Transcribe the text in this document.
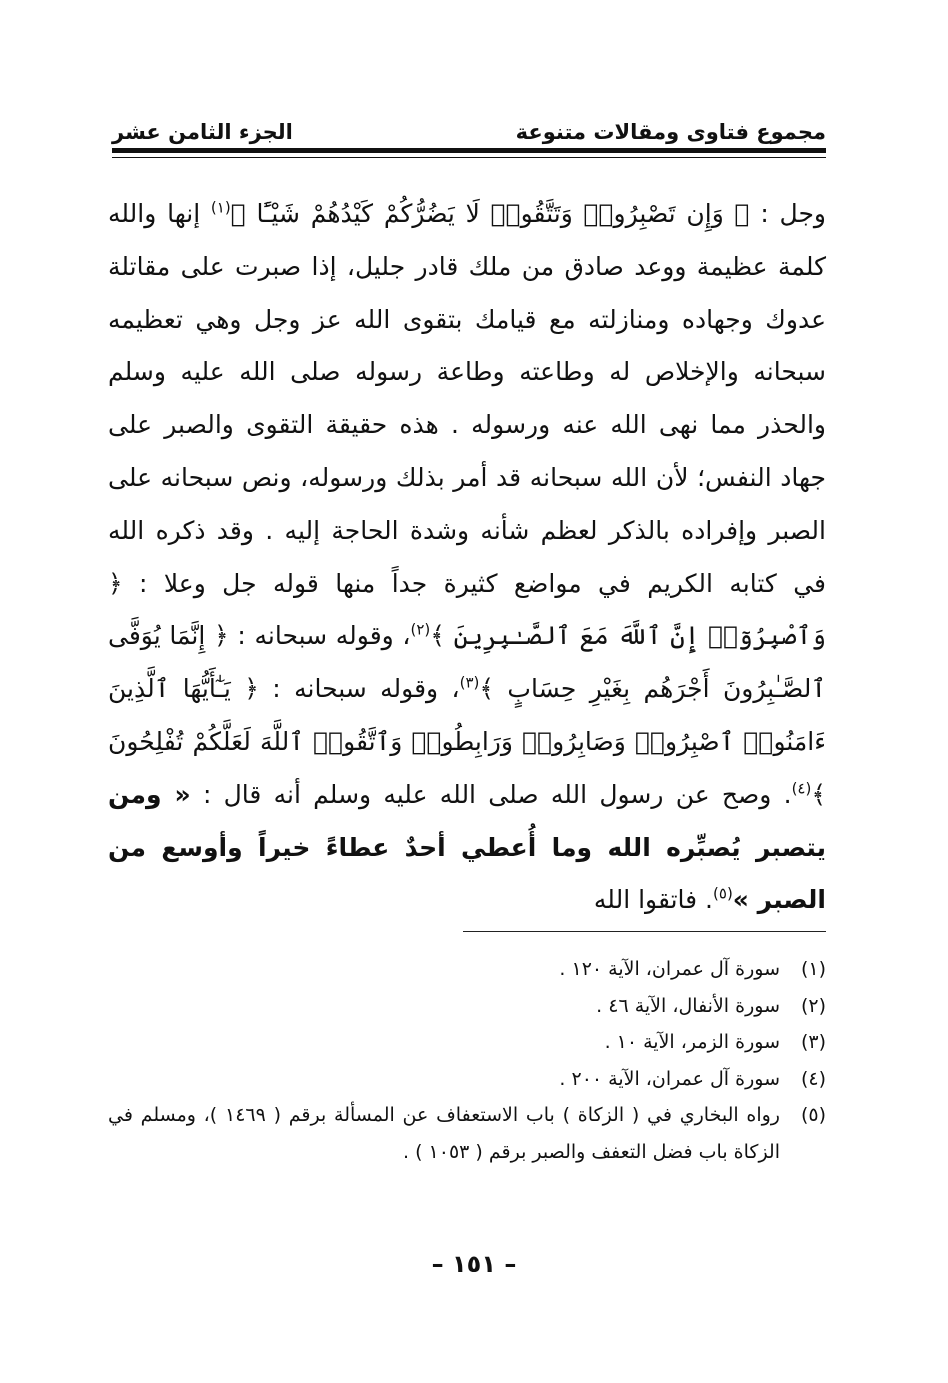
مجموع فتاوى ومقالات متنوعة
الجزء الثامن عشر

وجل : ﴿ وَإِن تَصْبِرُوا۟ وَتَتَّقُوا۟ لَا يَضُرُّكُمْ كَيْدُهُمْ شَيْـًٔا ﴾$^{(١)}$ إنها والله كلمة عظيمة ووعد صادق من ملك قادر جليل، إذا صبرت على مقاتلة عدوك وجهاده ومنازلته مع قيامك بتقوى الله عز وجل وهي تعظيمه سبحانه والإخلاص له وطاعته وطاعة رسوله صلى الله عليه وسلم والحذر مما نهى الله عنه ورسوله . هذه حقيقة التقوى والصبر على جهاد النفس؛ لأن الله سبحانه قد أمر بذلك ورسوله، ونص سبحانه على الصبر وإفراده بالذكر لعظم شأنه وشدة الحاجة إليه . وقد ذكره الله في كتابه الكريم في مواضع كثيرة جداً منها قوله جل وعلا : ﴿ وَٱصْبِرُوٓا۟ إِنَّ ٱللَّهَ مَعَ ٱلصَّـٰبِرِينَ ﴾$^{(٢)}$، وقوله سبحانه : ﴿ إِنَّمَا يُوَفَّى ٱلصَّـٰبِرُونَ أَجْرَهُم بِغَيْرِ حِسَابٍ ﴾$^{(٣)}$، وقوله سبحانه : ﴿ يَـٰٓأَيُّهَا ٱلَّذِينَ ءَامَنُوا۟ ٱصْبِرُوا۟ وَصَابِرُوا۟ وَرَابِطُوا۟ وَٱتَّقُوا۟ ٱللَّهَ لَعَلَّكُمْ تُفْلِحُونَ ﴾$^{(٤)}$. وصح عن رسول الله صلى الله عليه وسلم أنه قال : « ومن يتصبر يُصبِّره الله وما أُعطي أحدٌ عطاءً خيراً وأوسع من الصبر »$^{(٥)}$. فاتقوا الله

(١)
سورة آل عمران، الآية ١٢٠ .
(٢)
سورة الأنفال، الآية ٤٦ .
(٣)
سورة الزمر، الآية ١٠ .
(٤)
سورة آل عمران، الآية ٢٠٠ .
(٥)
رواه البخاري في ( الزكاة ) باب الاستعفاف عن المسألة برقم ( ١٤٦٩ )، ومسلم في الزكاة باب فضل التعفف والصبر برقم ( ١٠٥٣ ) .
– ١٥١ –
